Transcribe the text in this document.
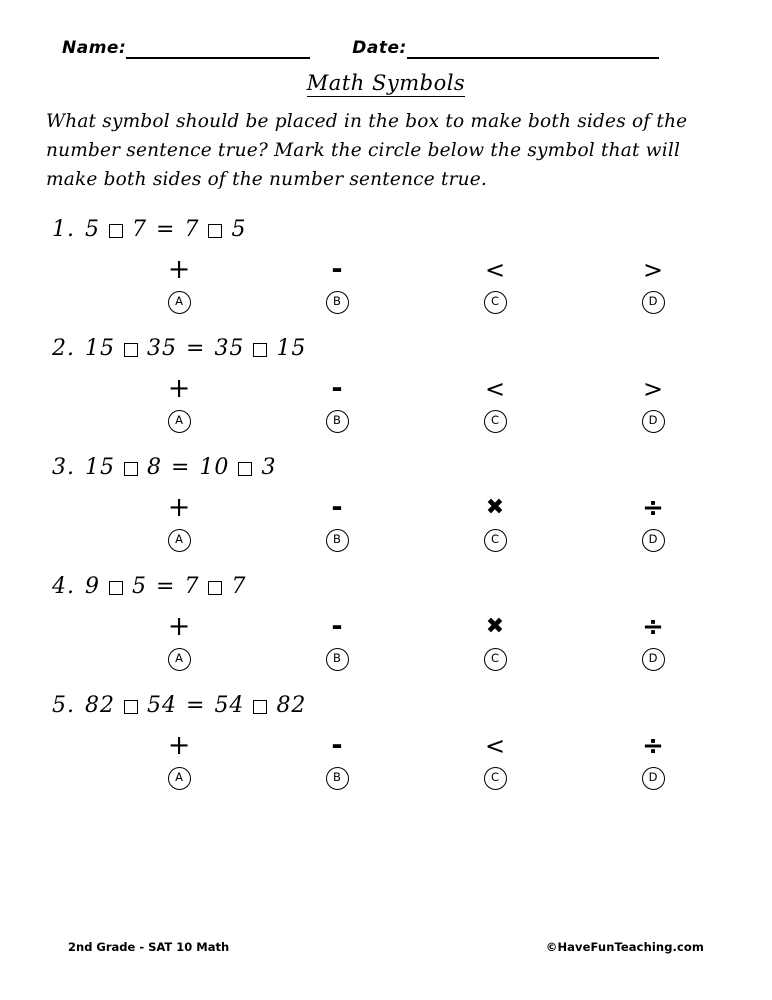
Name:	Date:
Math Symbols
What symbol should be placed in the box to make both sides of the number sentence true? Mark the circle below the symbol that will make both sides of the number sentence true.
1. 5 7 = 7 5
+
A
-
B
<
C
>
D
2. 15 35 = 35 15
+
A
-
B
<
C
>
D
3. 15 8 = 10 3
+
A
-
B
✖
C
÷
D
4. 9 5 = 7 7
+
A
-
B
✖
C
÷
D
5. 82 54 = 54 82
+
A
-
B
<
C
÷
D
2nd Grade - SAT 10 Math	©HaveFunTeaching.com
